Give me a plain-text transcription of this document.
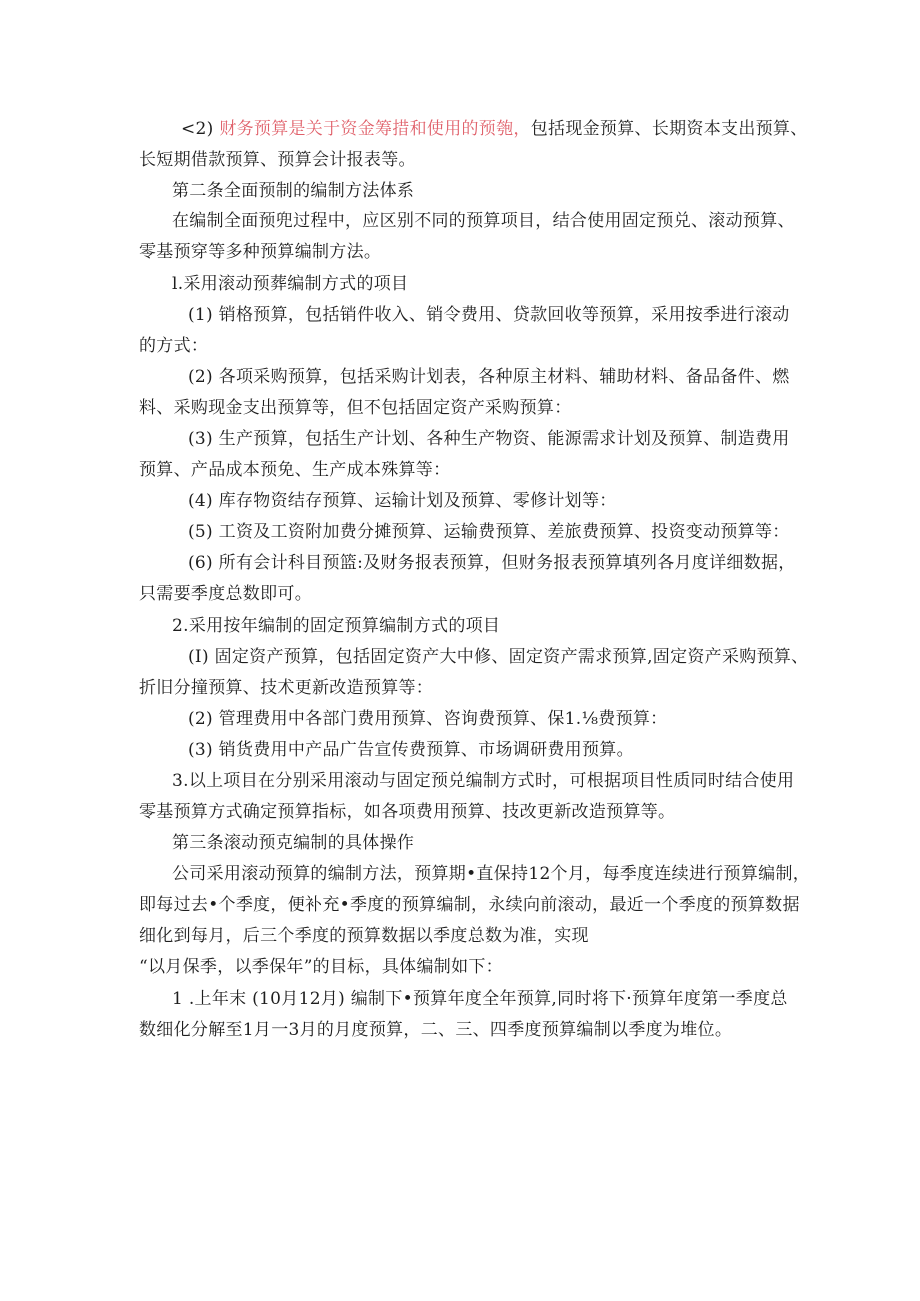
<2) 财务预算是关于资金筹措和使用的预匏，包括现金预算、长期资本支出预算、
长短期借款预算、预算会计报表等。
第二条全面预制的编制方法体系
在编制全面预兜过程中，应区别不同的预算项目，结合使用固定预兑、滚动预算、
零基预穿等多种预算编制方法。
l.采用滚动预葬编制方式的项目
(1) 销格预算，包括销件收入、销令费用、贷款回收等预算，采用按季进行滚动
的方式：
(2) 各项采购预算，包括采购计划表，各种原主材料、辅助材料、备品备件、燃
料、采购现金支出预算等，但不包括固定资产采购预算：
(3) 生产预算，包括生产计划、各种生产物资、能源需求计划及预算、制造费用
预算、产品成本预免、生产成本殊算等：
(4) 库存物资结存预算、运输计划及预算、零修计划等：
(5) 工资及工资附加费分摊预算、运输费预算、差旅费预算、投资变动预算等：
(6) 所有会计科目预篮:及财务报表预算，但财务报表预算填列各月度详细数据，
只需要季度总数即可。
2.采用按年编制的固定预算编制方式的项目
(I) 固定资产预算，包括固定资产大中修、固定资产需求预算,固定资产采购预算、
折旧分撞预算、技术更新改造预算等：
(2) 管理费用中各部门费用预算、咨询费预算、保1.⅛费预算：
(3) 销货费用中产品广告宣传费预算、市场调研费用预算。
3.以上项目在分别采用滚动与固定预兑编制方式时，可根据项目性质同时结合使用
零基预算方式确定预算指标，如各项费用预算、技改更新改造预算等。
第三条滚动预克编制的具体操作
公司采用滚动预算的编制方法，预算期•直保持12个月，每季度连续进行预算编制，
即每过去•个季度，便补充•季度的预算编制，永续向前滚动，最近一个季度的预算数据
细化到每月，后三个季度的预算数据以季度总数为准，实现
“以月保季，以季保年”的目标，具体编制如下：
1 .上年末 (10月12月) 编制下•预算年度全年预算,同时将下·预算年度第一季度总
数细化分解至1月一3月的月度预算，二、三、四季度预算编制以季度为堆位。
